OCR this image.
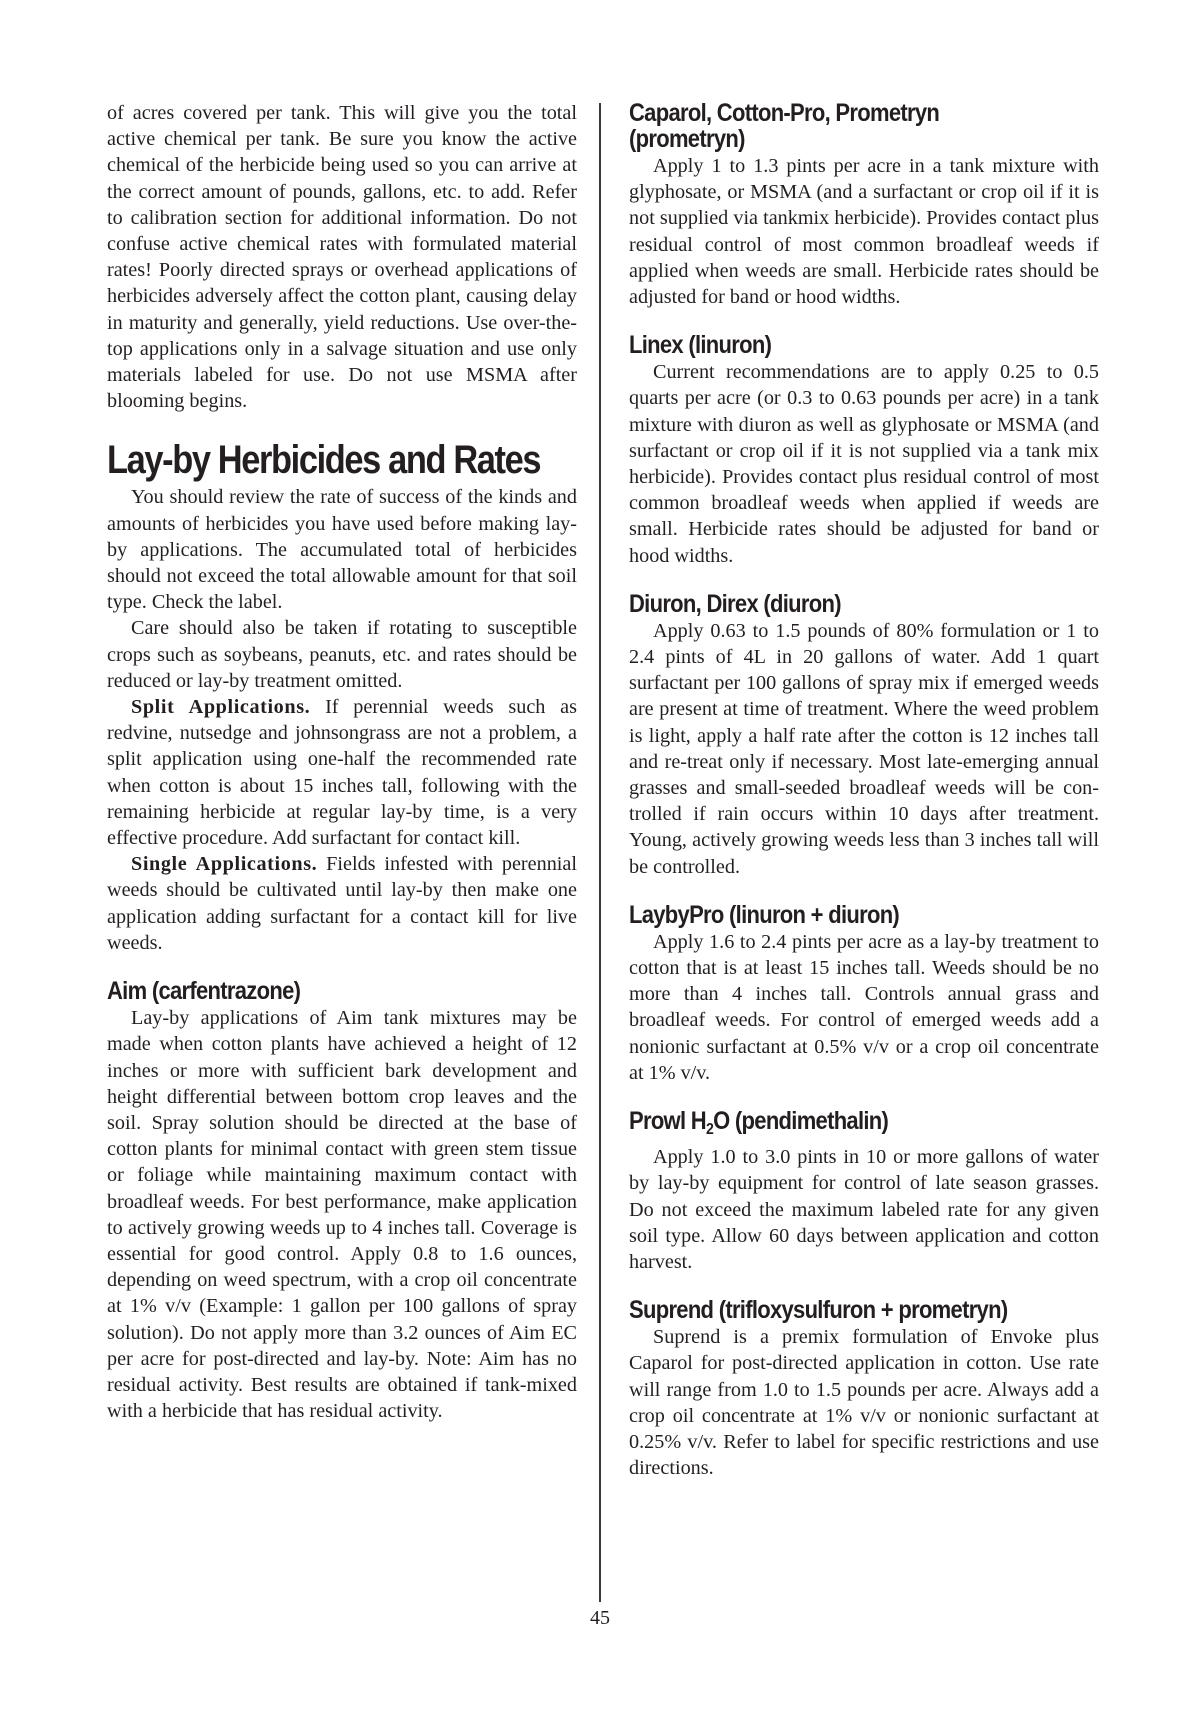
of acres covered per tank. This will give you the total active chemical per tank. Be sure you know the active chemical of the herbicide being used so you can arrive at the correct amount of pounds, gallons, etc. to add. Refer to calibration section for additional information. Do not confuse active chemical rates with formulated material rates! Poorly directed sprays or overhead applications of herbicides adversely affect the cotton plant, causing delay in maturity and generally, yield reductions. Use over-the-top applications only in a salvage situation and use only materials labeled for use. Do not use MSMA after blooming begins.

Lay-by Herbicides and Rates

You should review the rate of success of the kinds and amounts of herbicides you have used before making lay-by applications. The accumulated total of herbicides should not exceed the total allowable amount for that soil type. Check the label.

Care should also be taken if rotating to susceptible crops such as soybeans, peanuts, etc. and rates should be reduced or lay-by treatment omitted.

Split Applications. If perennial weeds such as redvine, nutsedge and johnsongrass are not a problem, a split application using one-half the recommended rate when cotton is about 15 inches tall, following with the remaining herbicide at regular lay-by time, is a very effective procedure. Add surfactant for contact kill.

Single Applications. Fields infested with perennial weeds should be cultivated until lay-by then make one application adding surfactant for a contact kill for live weeds.

Aim (carfentrazone)

Lay-by applications of Aim tank mixtures may be made when cotton plants have achieved a height of 12 inches or more with sufficient bark development and height differential between bottom crop leaves and the soil. Spray solution should be directed at the base of cotton plants for minimal contact with green stem tissue or foliage while maintaining maximum contact with broadleaf weeds. For best performance, make application to actively growing weeds up to 4 inches tall. Coverage is essential for good control. Apply 0.8 to 1.6 ounces, depending on weed spectrum, with a crop oil concentrate at 1% v/v (Example: 1 gallon per 100 gallons of spray solution). Do not apply more than 3.2 ounces of Aim EC per acre for post-directed and lay-by. Note: Aim has no residual activity. Best results are obtained if tank-mixed with a herbicide that has residual activity.

Caparol, Cotton-Pro, Prometryn
(prometryn)

Apply 1 to 1.3 pints per acre in a tank mixture with glyphosate, or MSMA (and a surfactant or crop oil if it is not supplied via tankmix herbicide). Provides contact plus residual control of most common broadleaf weeds if applied when weeds are small. Herbicide rates should be adjusted for band or hood widths.

Linex (linuron)

Current recommendations are to apply 0.25 to 0.5 quarts per acre (or 0.3 to 0.63 pounds per acre) in a tank mixture with diuron as well as glyphosate or MSMA (and surfactant or crop oil if it is not supplied via a tank mix herbicide). Provides contact plus residual control of most common broadleaf weeds when applied if weeds are small. Herbicide rates should be adjusted for band or hood widths.

Diuron, Direx (diuron)

Apply 0.63 to 1.5 pounds of 80% formulation or 1 to 2.4 pints of 4L in 20 gallons of water. Add 1 quart surfactant per 100 gallons of spray mix if emerged weeds are present at time of treatment. Where the weed problem is light, apply a half rate after the cotton is 12 inches tall and re-treat only if necessary. Most late-emerging annual grasses and small-seeded broadleaf weeds will be controlled if rain occurs within 10 days after treatment. Young, actively growing weeds less than 3 inches tall will be controlled.

LaybyPro (linuron + diuron)

Apply 1.6 to 2.4 pints per acre as a lay-by treatment to cotton that is at least 15 inches tall. Weeds should be no more than 4 inches tall. Controls annual grass and broadleaf weeds. For control of emerged weeds add a nonionic surfactant at 0.5% v/v or a crop oil concentrate at 1% v/v.

Prowl $H_2O$ (pendimethalin)

Apply 1.0 to 3.0 pints in 10 or more gallons of water by lay-by equipment for control of late season grasses. Do not exceed the maximum labeled rate for any given soil type. Allow 60 days between application and cotton harvest.

Suprend (trifloxysulfuron + prometryn)

Suprend is a premix formulation of Envoke plus Caparol for post-directed application in cotton. Use rate will range from 1.0 to 1.5 pounds per acre. Always add a crop oil concentrate at 1% v/v or nonionic surfactant at 0.25% v/v. Refer to label for specific restrictions and use directions.

45
